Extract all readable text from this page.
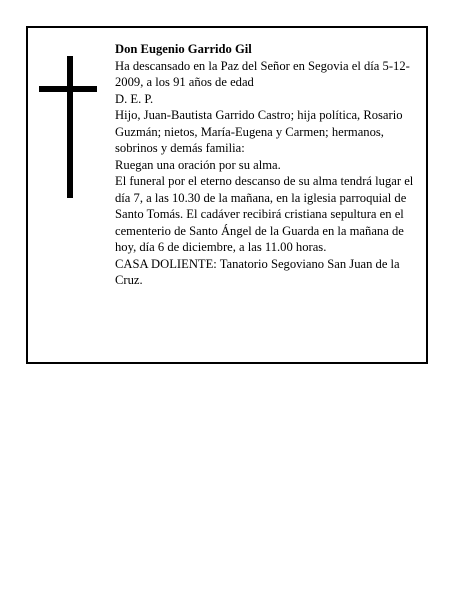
Don Eugenio Garrido Gil

Ha descansado en la Paz del Señor en Segovia el día 5-12-2009, a los 91 años de edad

D. E. P.

Hijo, Juan-Bautista Garrido Castro; hija política, Rosario Guzmán; nietos, María-Eugena y Carmen; hermanos, sobrinos y demás familia:

Ruegan una oración por su alma.

El funeral por el eterno descanso de su alma tendrá lugar el día 7, a las 10.30 de la mañana, en la iglesia parroquial de Santo Tomás. El cadáver recibirá cristiana sepultura en el cementerio de Santo Ángel de la Guarda en la mañana de hoy, día 6 de diciembre, a las 11.00 horas.

CASA DOLIENTE: Tanatorio Segoviano San Juan de la Cruz.
